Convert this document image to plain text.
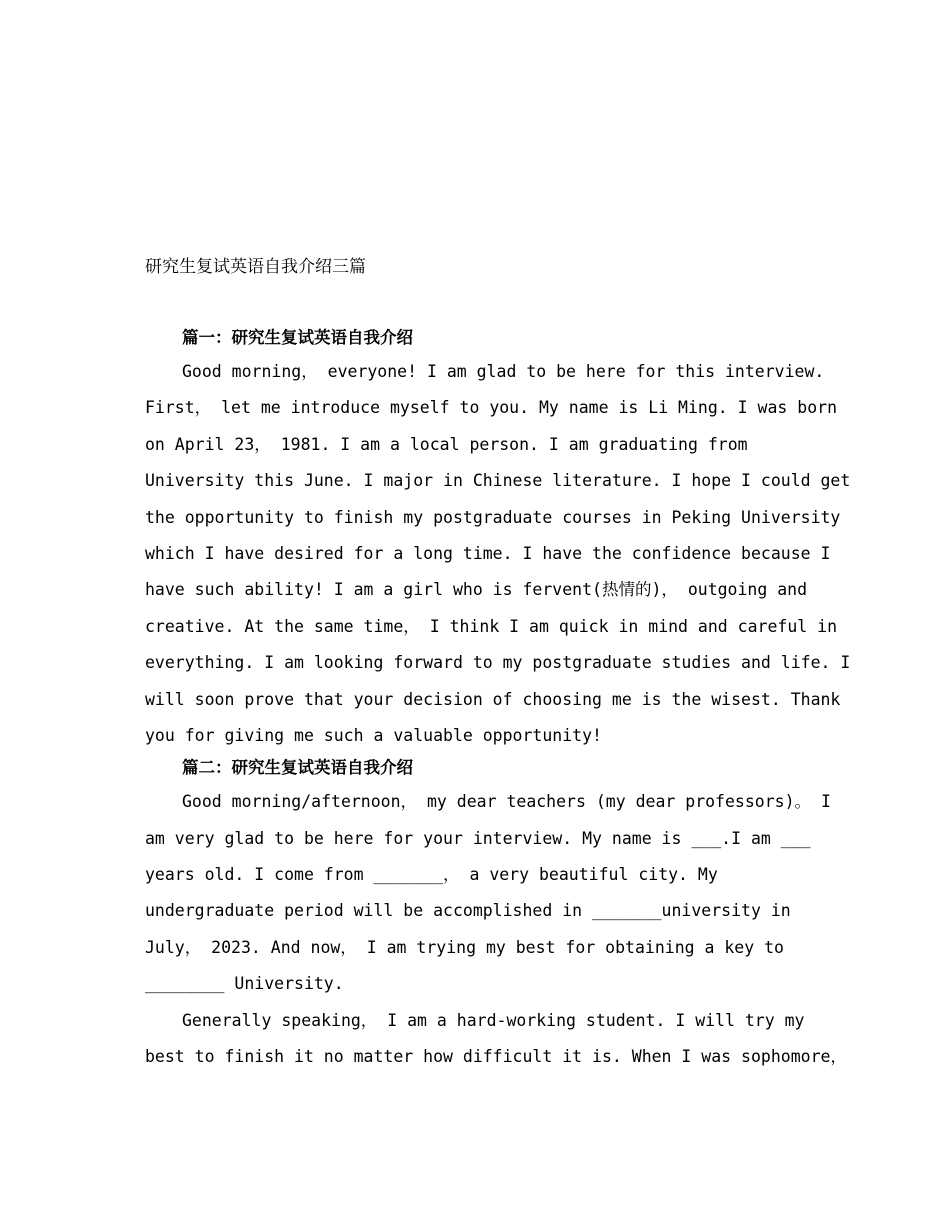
研究生复试英语自我介绍三篇
篇一：研究生复试英语自我介绍

Good morning， everyone! I am glad to be here for this interview.
First， let me introduce myself to you. My name is Li Ming. I was born
on April 23， 1981. I am a local person. I am graduating from
University this June. I major in Chinese literature. I hope I could get
the opportunity to finish my postgraduate courses in Peking University
which I have desired for a long time. I have the confidence because I
have such ability! I am a girl who is fervent(热情的)， outgoing and
creative. At the same time， I think I am quick in mind and careful in
everything. I am looking forward to my postgraduate studies and life. I
will soon prove that your decision of choosing me is the wisest. Thank
you for giving me such a valuable opportunity!

篇二：研究生复试英语自我介绍

Good morning/afternoon， my dear teachers (my dear professors)。 I
am very glad to be here for your interview. My name is ___.I am ___
years old. I come from _______， a very beautiful city. My
undergraduate period will be accomplished in _______university in
July， 2023. And now， I am trying my best for obtaining a key to
________ University.

Generally speaking， I am a hard-working student. I will try my
best to finish it no matter how difficult it is. When I was sophomore，
